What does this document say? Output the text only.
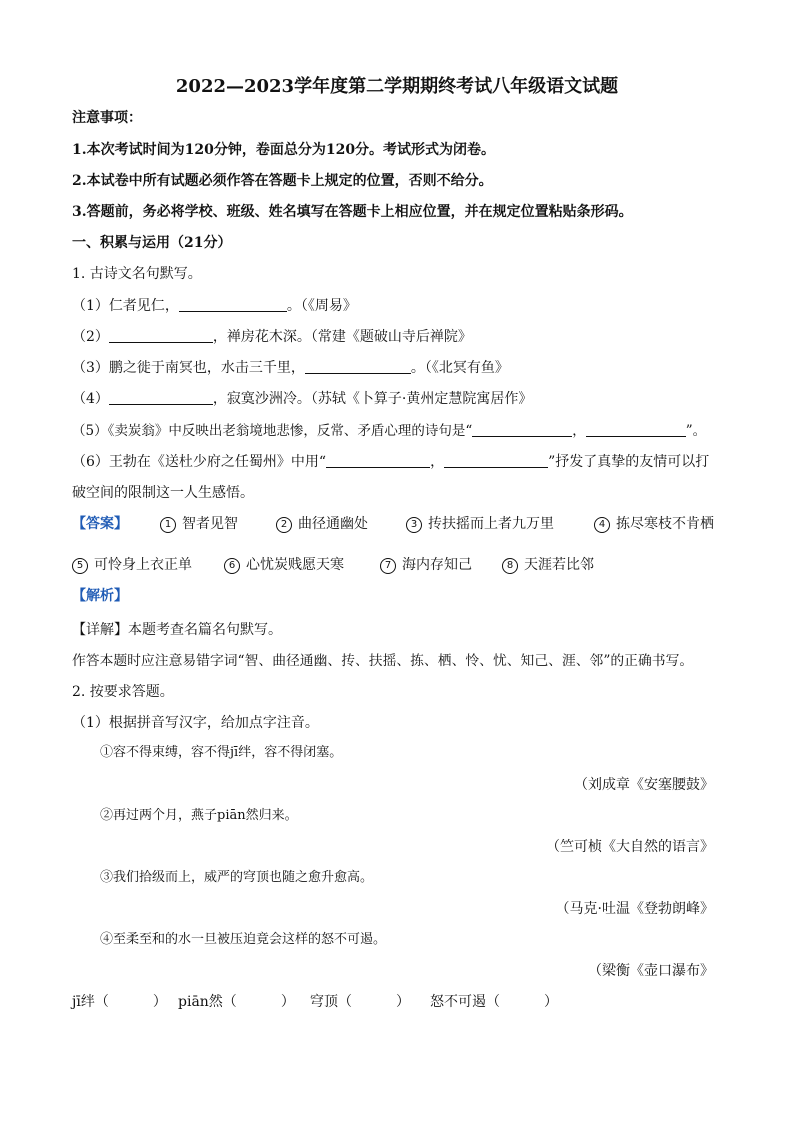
2022—2023学年度第二学期期终考试八年级语文试题
注意事项：
1.本次考试时间为120分钟，卷面总分为120分。考试形式为闭卷。
2.本试卷中所有试题必须作答在答题卡上规定的位置，否则不给分。
3.答题前，务必将学校、班级、姓名填写在答题卡上相应位置，并在规定位置粘贴条形码。
一、积累与运用（21分）
1. 古诗文名句默写。
（1）仁者见仁，	。（《周易》
（2）	，禅房花木深。（常建《题破山寺后禅院》
（3）鹏之徙于南冥也，水击三千里，	。（《北冥有鱼》
（4）	，寂寞沙洲冷。（苏轼《卜算子·黄州定慧院寓居作》
（5）《卖炭翁》中反映出老翁境地悲惨，反常、矛盾心理的诗句是“	，	”。
（6）王勃在《送杜少府之任蜀州》中用“	，	”抒发了真挚的友情可以打
破空间的限制这一人生感悟。
【答案】	1 智者见智	2 曲径通幽处	3 抟扶摇而上者九万里	4 拣尽寒枝不肯栖
5 可怜身上衣正单	6 心忧炭贱愿天寒	7 海内存知己	8 天涯若比邻
【解析】
【详解】本题考查名篇名句默写。
作答本题时应注意易错字词“智、曲径通幽、抟、扶摇、拣、栖、怜、忧、知己、涯、邻”的正确书写。
2. 按要求答题。
（1）根据拼音写汉字，给加点字注音。
①容不得束缚，容不得jī绊，容不得闭塞。
（刘成章《安塞腰鼓》
②再过两个月，燕子piān然归来。
（竺可桢《大自然的语言》
③我们拾级而上，威严的穹顶也随之愈升愈高。
（马克·吐温《登勃朗峰》
④至柔至和的水一旦被压迫竟会这样的怒不可遏。
（梁衡《壶口瀑布》
jī绊（	） piān然（	） 穹顶（	） 怒不可遏（	）
